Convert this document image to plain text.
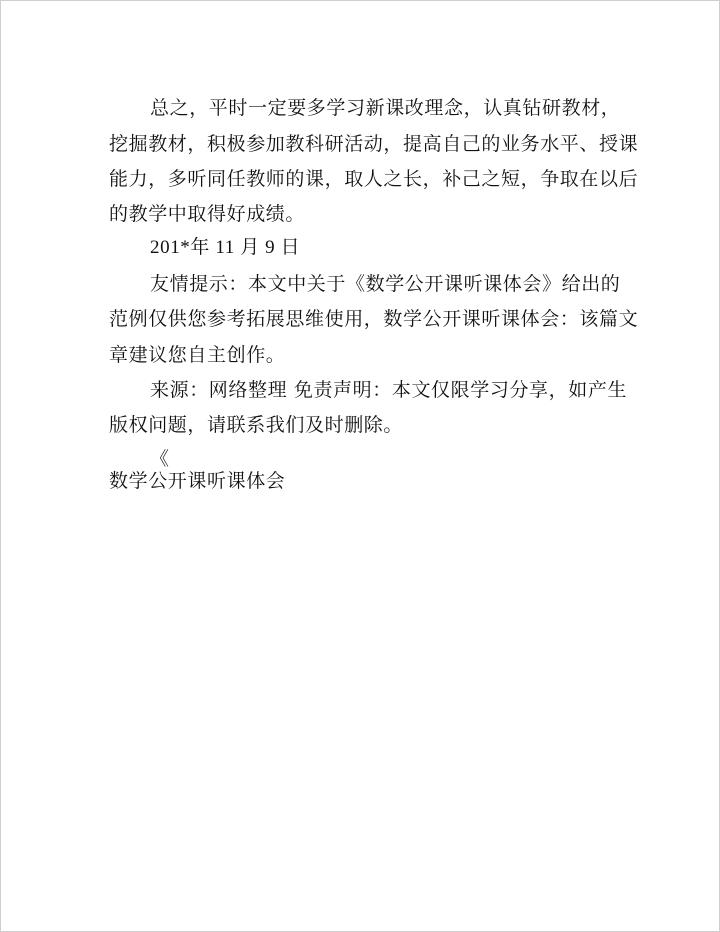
总之，平时一定要多学习新课改理念，认真钻研教材，
挖掘教材，积极参加教科研活动，提高自己的业务水平、授课
能力，多听同任教师的课，取人之长，补己之短，争取在以后
的教学中取得好成绩。
201*年 11 月 9 日
友情提示：本文中关于《数学公开课听课体会》给出的
范例仅供您参考拓展思维使用，数学公开课听课体会：该篇文
章建议您自主创作。
来源：网络整理 免责声明：本文仅限学习分享，如产生
版权问题，请联系我们及时删除。
《
数学公开课听课体会
